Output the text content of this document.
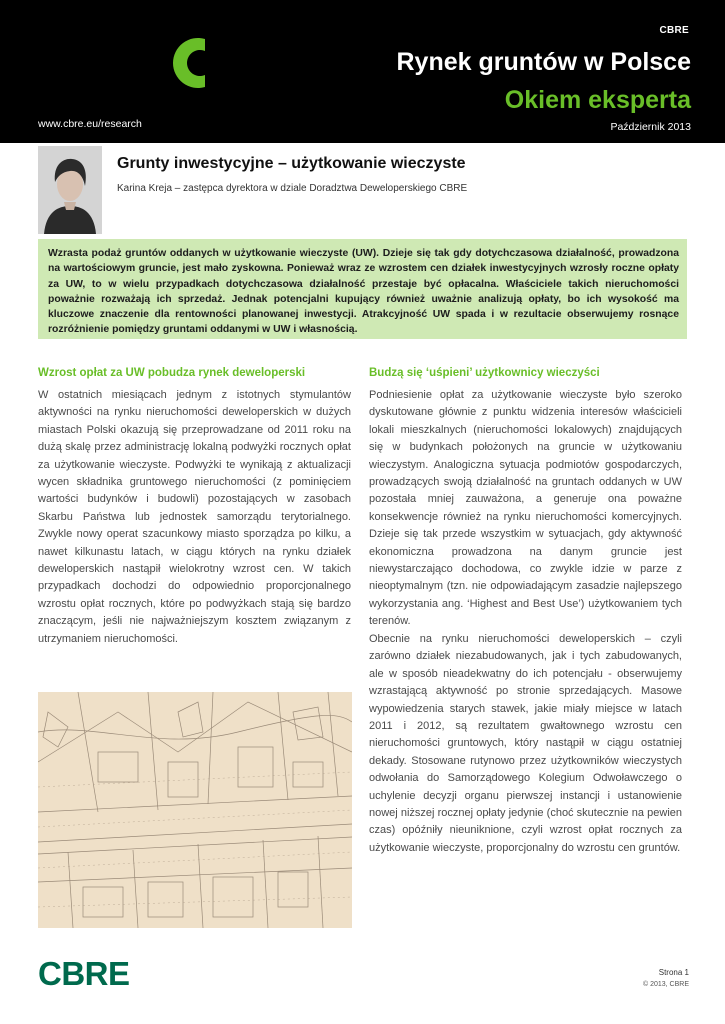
CBRE
Rynek gruntów w Polsce
Okiem eksperta
www.cbre.eu/research	Październik 2013
Grunty inwestycyjne – użytkowanie wieczyste
Karina Kreja – zastępca dyrektora w dziale Doradztwa Deweloperskiego CBRE

Wzrasta podaż gruntów oddanych w użytkowanie wieczyste (UW). Dzieje się tak gdy dotychczasowa działalność, prowadzona na wartościowym gruncie, jest mało zyskowna. Ponieważ wraz ze wzrostem cen działek inwestycyjnych wzrosły roczne opłaty za UW, to w wielu przypadkach dotychczasowa działalność przestaje być opłacalna. Właściciele takich nieruchomości poważnie rozważają ich sprzedaż. Jednak potencjalni kupujący również uważnie analizują opłaty, bo ich wysokość ma kluczowe znaczenie dla rentowności planowanej inwestycji. Atrakcyjność UW spada i w rezultacie obserwujemy rosnące rozróżnienie pomiędzy gruntami oddanymi w UW i własnością.

Wzrost opłat za UW pobudza rynek deweloperski

W ostatnich miesiącach jednym z istotnych stymulantów aktywności na rynku nieruchomości deweloperskich w dużych miastach Polski okazują się przeprowadzane od 2011 roku na dużą skalę przez administrację lokalną podwyżki rocznych opłat za użytkowanie wieczyste. Podwyżki te wynikają z aktualizacji wycen składnika gruntowego nieruchomości (z pominięciem wartości budynków i budowli) pozostających w zasobach Skarbu Państwa lub jednostek samorządu terytorialnego. Zwykle nowy operat szacunkowy miasto sporządza po kilku, a nawet kilkunastu latach, w ciągu których na rynku działek deweloperskich nastąpił wielokrotny wzrost cen. W takich przypadkach dochodzi do odpowiednio proporcjonalnego wzrostu opłat rocznych, które po podwyżkach stają się bardzo znaczącym, jeśli nie najważniejszym kosztem związanym z utrzymaniem nieruchomości.

Budzą się ‘uśpieni’ użytkownicy wieczyści

Podniesienie opłat za użytkowanie wieczyste było szeroko dyskutowane głównie z punktu widzenia interesów właścicieli lokali mieszkalnych (nieruchomości lokalowych) znajdujących się w budynkach położonych na gruncie w użytkowaniu wieczystym. Analogiczna sytuacja podmiotów gospodarczych, prowadzących swoją działalność na gruntach oddanych w UW pozostała mniej zauważona, a generuje ona poważne konsekwencje również na rynku nieruchomości komercyjnych. Dzieje się tak przede wszystkim w sytuacjach, gdy aktywność ekonomiczna prowadzona na danym gruncie jest niewystarczająco dochodowa, co zwykle idzie w parze z nieoptymalnym (tzn. nie odpowiadającym zasadzie najlepszego wykorzystania ang. ‘Highest and Best Use’) użytkowaniem tych terenów.

Obecnie na rynku nieruchomości deweloperskich – czyli zarówno działek niezabudowanych, jak i tych zabudowanych, ale w sposób nieadekwatny do ich potencjału - obserwujemy wzrastającą aktywność po stronie sprzedających. Masowe wypowiedzenia starych stawek, jakie miały miejsce w latach 2011 i 2012, są rezultatem gwałtownego wzrostu cen nieruchomości gruntowych, który nastąpił w ciągu ostatniej dekady. Stosowane rutynowo przez użytkowników wieczystych odwołania do Samorządowego Kolegium Odwoławczego o uchylenie decyzji organu pierwszej instancji i ustanowienie nowej niższej rocznej opłaty jedynie (choć skutecznie na pewien czas) opóźniły nieuniknione, czyli wzrost opłat rocznych za użytkowanie wieczyste, proporcjonalny do wzrostu cen gruntów.

CBRE	Strona 1
© 2013, CBRE
